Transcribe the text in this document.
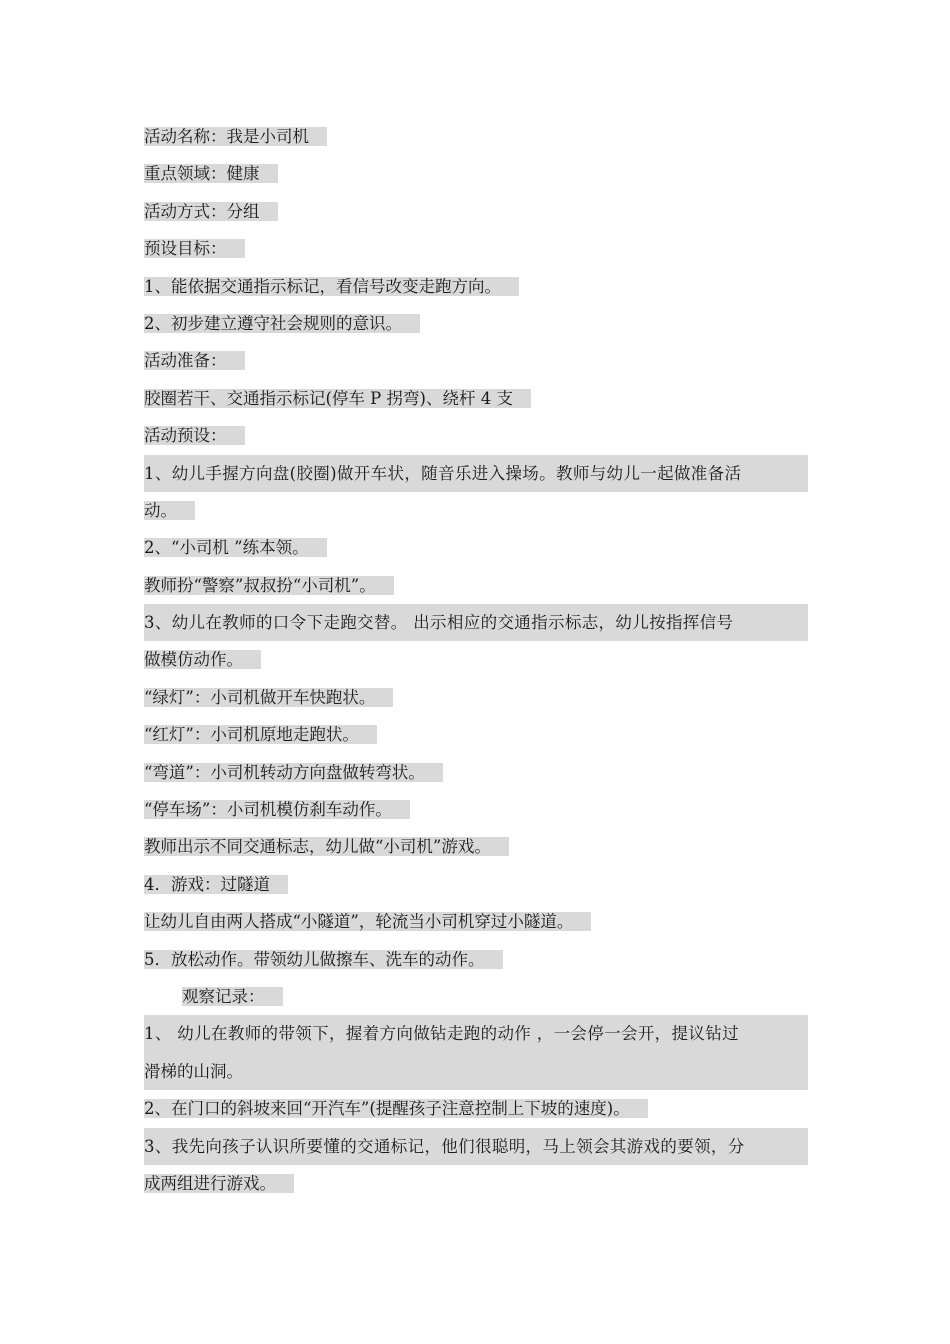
活动名称：我是小司机
重点领域：健康
活动方式：分组
预设目标：
1、能依据交通指示标记，看信号改变走跑方向。
2、初步建立遵守社会规则的意识。
活动准备：
胶圈若干、交通指示标记(停车 P 拐弯)、绕杆 4 支
活动预设：
1、幼儿手握方向盘(胶圈)做开车状，随音乐进入操场。教师与幼儿一起做准备活
动。
2、“小司机 ”练本领。
教师扮“警察”叔叔扮“小司机”。
3、幼儿在教师的口令下走跑交替。 出示相应的交通指示标志，幼儿按指挥信号
做模仿动作。
“绿灯”：小司机做开车快跑状。
“红灯”：小司机原地走跑状。
“弯道”：小司机转动方向盘做转弯状。
“停车场”：小司机模仿刹车动作。
教师出示不同交通标志，幼儿做“小司机”游戏。
4．游戏：过隧道
让幼儿自由两人搭成“小隧道”，轮流当小司机穿过小隧道。
5．放松动作。带领幼儿做擦车、洗车的动作。
观察记录：
1、 幼儿在教师的带领下，握着方向做钻走跑的动作 ，一会停一会开，提议钻过
滑梯的山洞。
2、在门口的斜坡来回“开汽车”(提醒孩子注意控制上下坡的速度)。
3、我先向孩子认识所要懂的交通标记，他们很聪明，马上领会其游戏的要领，分
成两组进行游戏。
